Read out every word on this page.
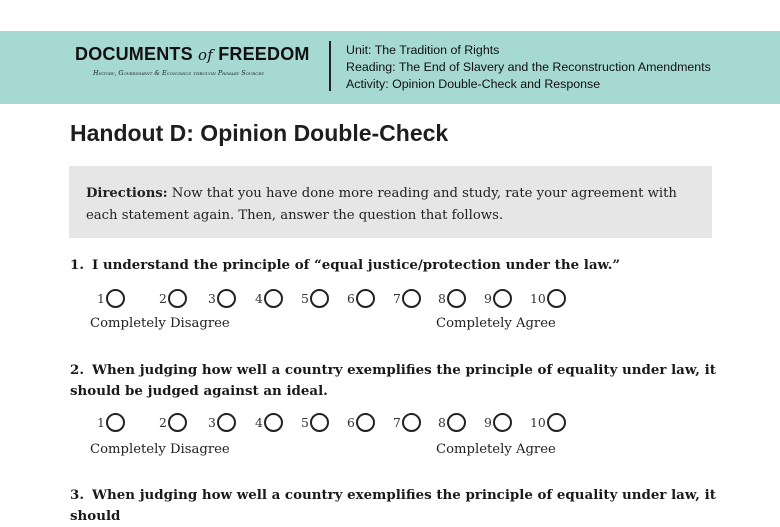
DOCUMENTS of FREEDOM
History, Government & Economics through Primary Sources
Unit: The Tradition of Rights
Reading: The End of Slavery and the Reconstruction Amendments
Activity: Opinion Double-Check and Response
Handout D: Opinion Double-Check
Directions: Now that you have done more reading and study, rate your agreement with each statement again. Then, answer the question that follows.
1. I understand the principle of “equal justice/protection under the law.”
1	2	3	4	5	6	7	8	9	10
Completely Disagree	Completely Agree
2. When judging how well a country exemplifies the principle of equality under law, it should be judged against an ideal.
1	2	3	4	5	6	7	8	9	10
Completely Disagree	Completely Agree
3. When judging how well a country exemplifies the principle of equality under law, it should
